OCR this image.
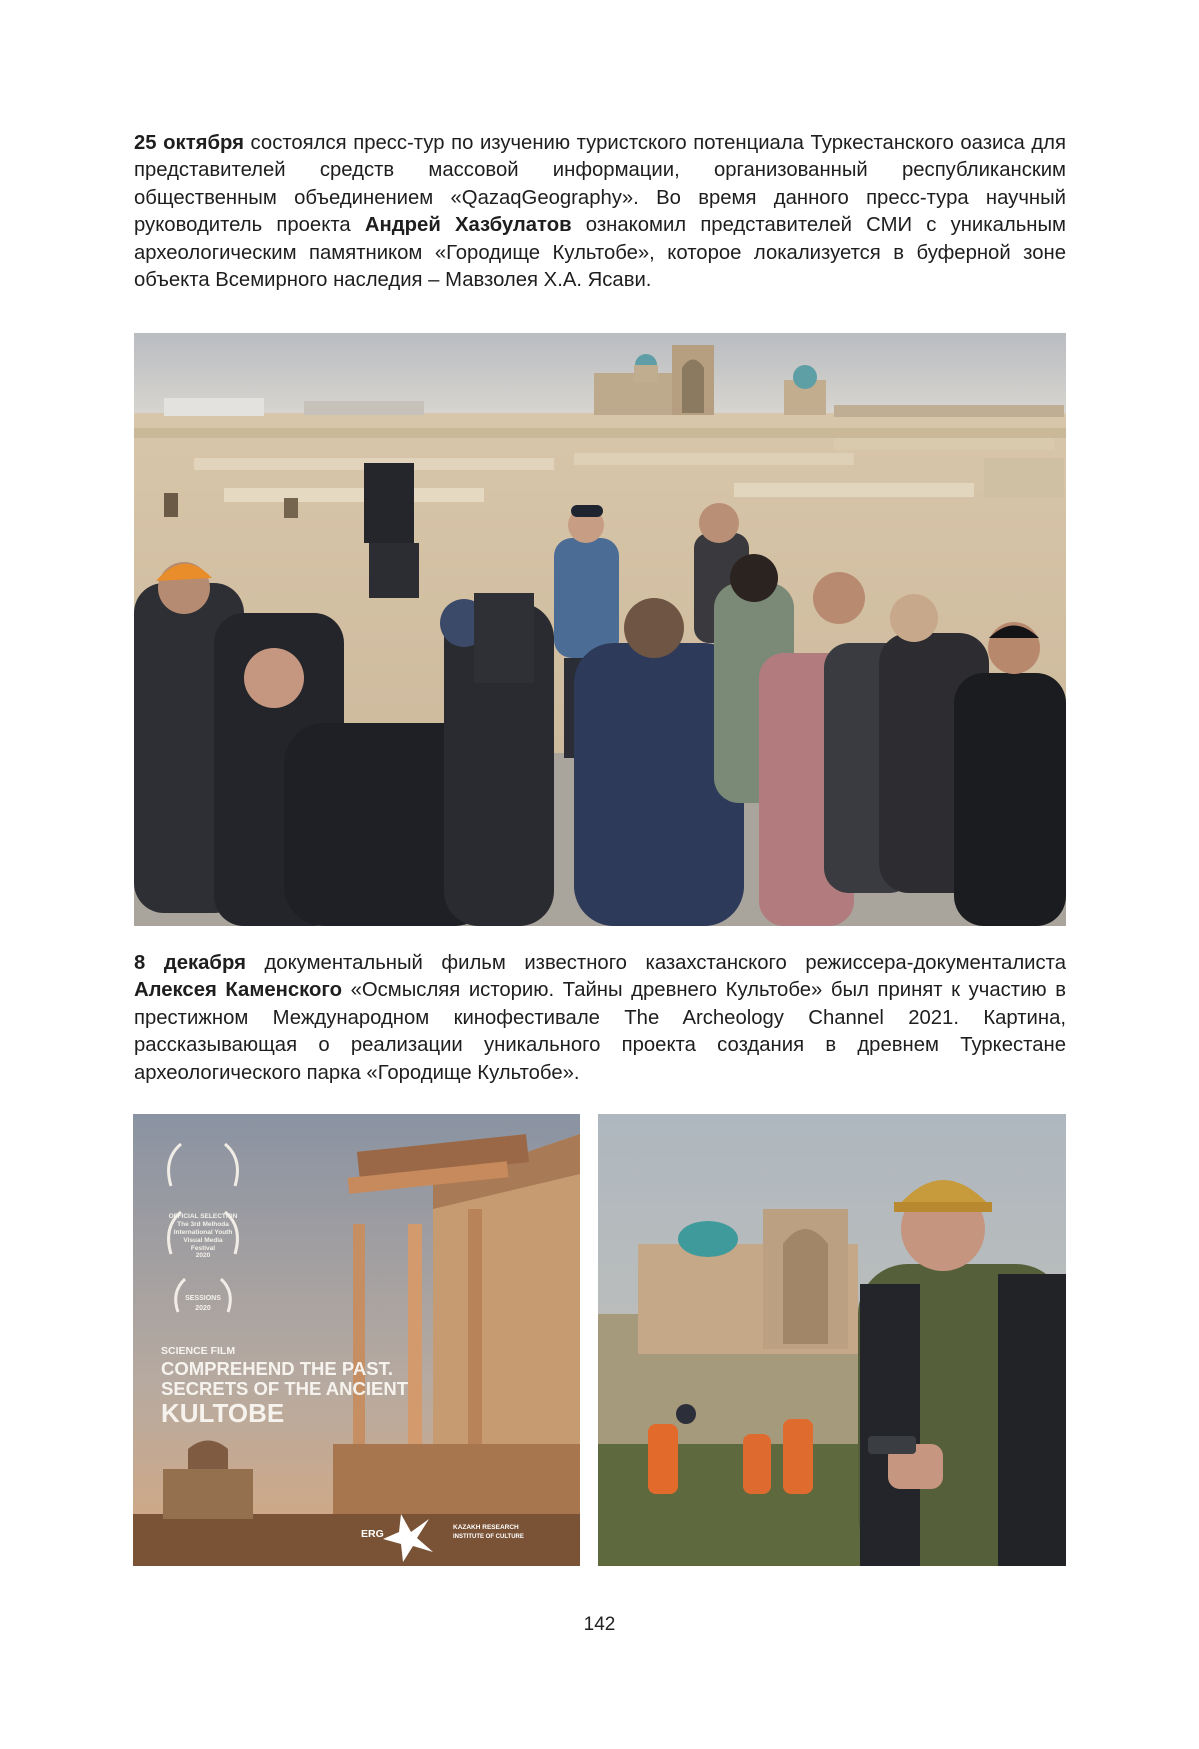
25 октября состоялся пресс-тур по изучению туристского потенциала Туркестанского оазиса для представителей средств массовой информации, организованный республиканским общественным объединением «QazaqGeography». Во время данного пресс-тура научный руководитель проекта Андрей Хазбулатов ознакомил представителей СМИ с уникальным археологическим памятником «Городище Культобе», которое локализуется в буферной зоне объекта Всемирного наследия – Мавзолея Х.А. Ясави.

8 декабря документальный фильм известного казахстанского режиссера-документалиста Алексея Каменского «Осмысляя историю. Тайны древнего Культобе» был принят к участию в престижном Международном кинофестивале The Archeology Channel 2021. Картина, рассказывающая о реализации уникального проекта создания в древнем Туркестане археологического парка «Городище Культобе».

OFFICIAL SELECTION
The 3rd Melhoda
International Youth
Visual Media
Festival
2020
SESSIONS
2020
SCIENCE FILM
COMPREHEND THE PAST.
SECRETS OF THE ANCIENT
KULTOBE
ERG
KAZAKH RESEARCH
INSTITUTE OF CULTURE
142
